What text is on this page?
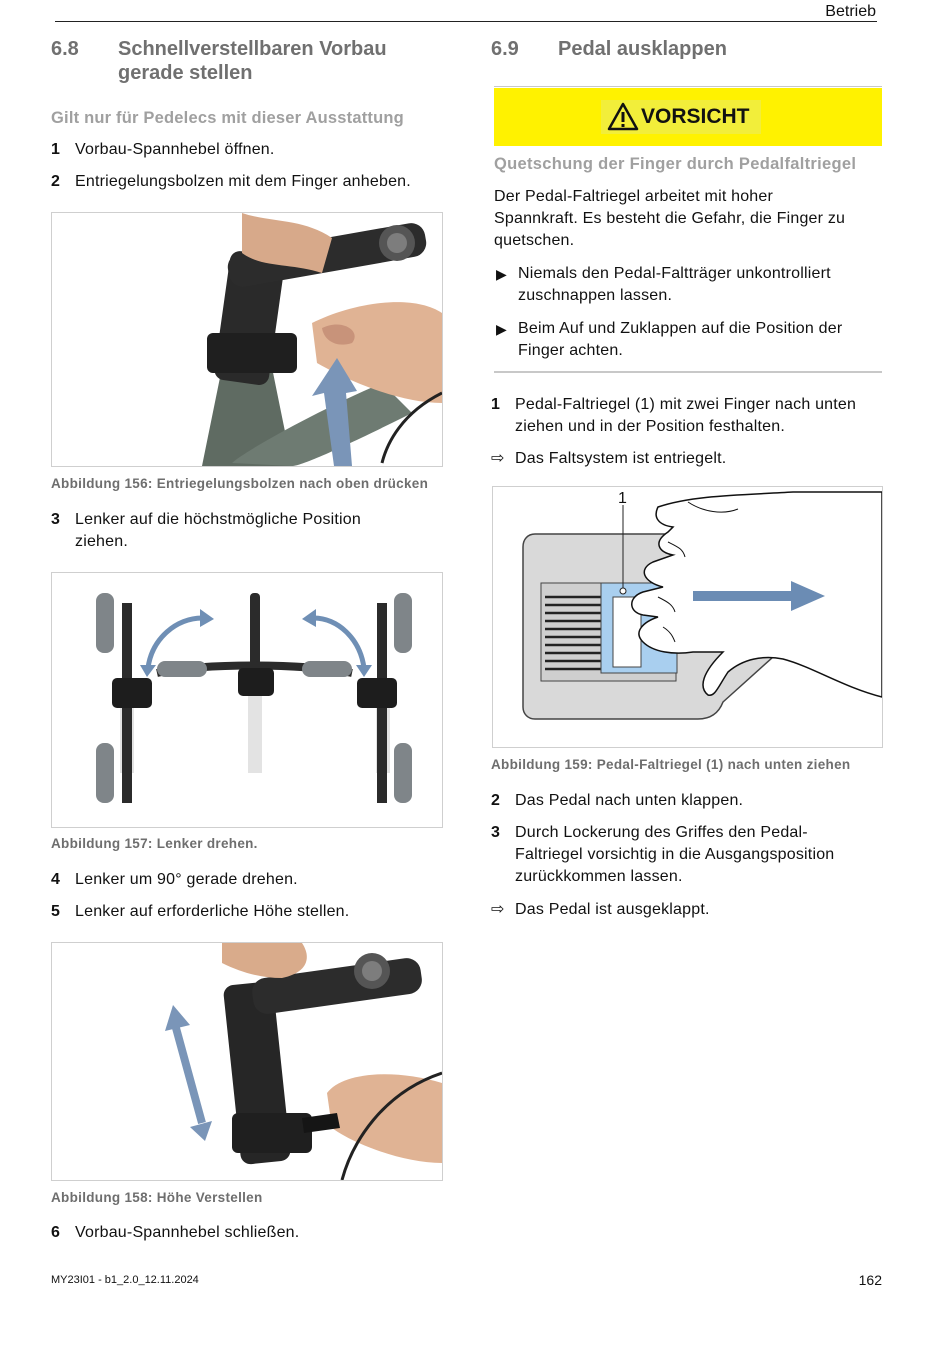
Betrieb
6.8 Schnellverstellbaren Vorbau
gerade stellen
Gilt nur für Pedelecs mit dieser Ausstattung
1 Vorbau-Spannhebel öffnen.
2 Entriegelungsbolzen mit dem Finger anheben.
Abbildung 156: Entriegelungsbolzen nach oben drücken
3 Lenker auf die höchstmögliche Position
ziehen.
Abbildung 157: Lenker drehen.
4 Lenker um 90° gerade drehen.
5 Lenker auf erforderliche Höhe stellen.
Abbildung 158: Höhe Verstellen
6 Vorbau-Spannhebel schließen.
6.9 Pedal ausklappen
VORSICHT
Quetschung der Finger durch Pedalfaltriegel
Der Pedal-Faltriegel arbeitet mit hoher
Spannkraft. Es besteht die Gefahr, die Finger zu
quetschen.
▶ Niemals den Pedal-Faltträger unkontrolliert
zuschnappen lassen.
▶ Beim Auf und Zuklappen auf die Position der
Finger achten.
1 Pedal-Faltriegel (1) mit zwei Finger nach unten
ziehen und in der Position festhalten.
⇨ Das Faltsystem ist entriegelt.
1
Abbildung 159: Pedal-Faltriegel (1) nach unten ziehen
2 Das Pedal nach unten klappen.
3 Durch Lockerung des Griffes den Pedal-
Faltriegel vorsichtig in die Ausgangsposition
zurückkommen lassen.
⇨ Das Pedal ist ausgeklappt.
MY23I01 - b1_2.0_12.11.2024	162
